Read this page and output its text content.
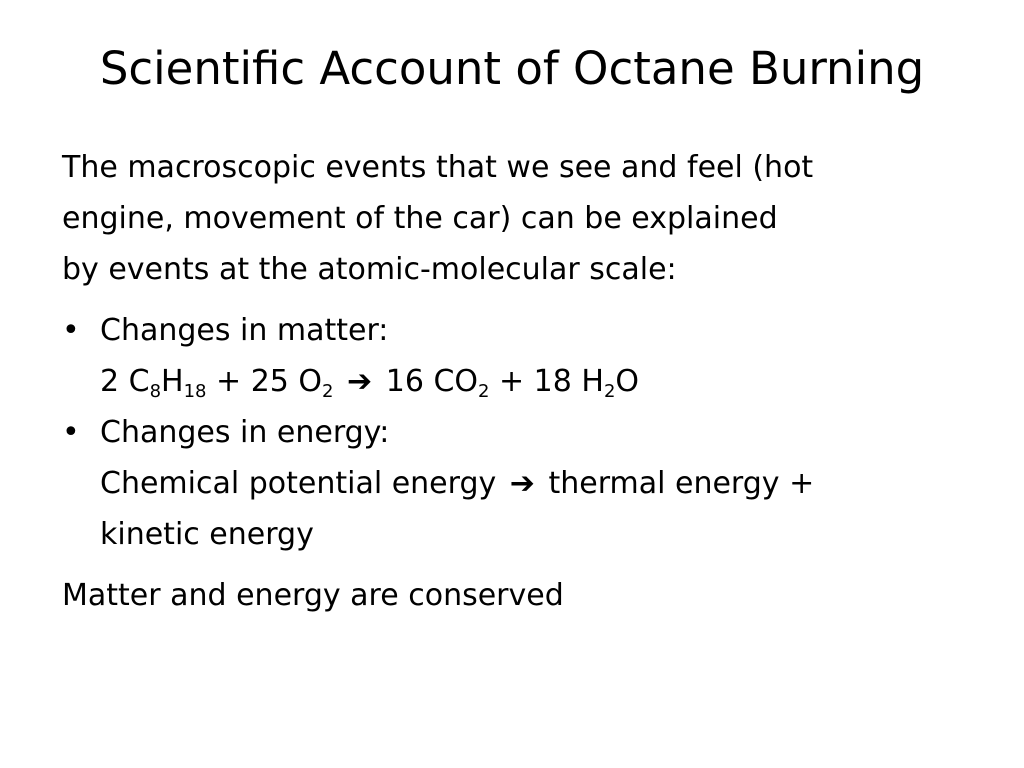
Scientific Account of Octane Burning

The macroscopic events that we see and feel (hot
engine, movement of the car) can be explained
by events at the atomic-molecular scale:

• Changes in matter:
2 $C_8H_{18} + 25$ $O_2$ ➔ 16 $CO_2 + 18$ $H_2O$
• Changes in energy:
Chemical potential energy ➔ thermal energy +
kinetic energy

Matter and energy are conserved
